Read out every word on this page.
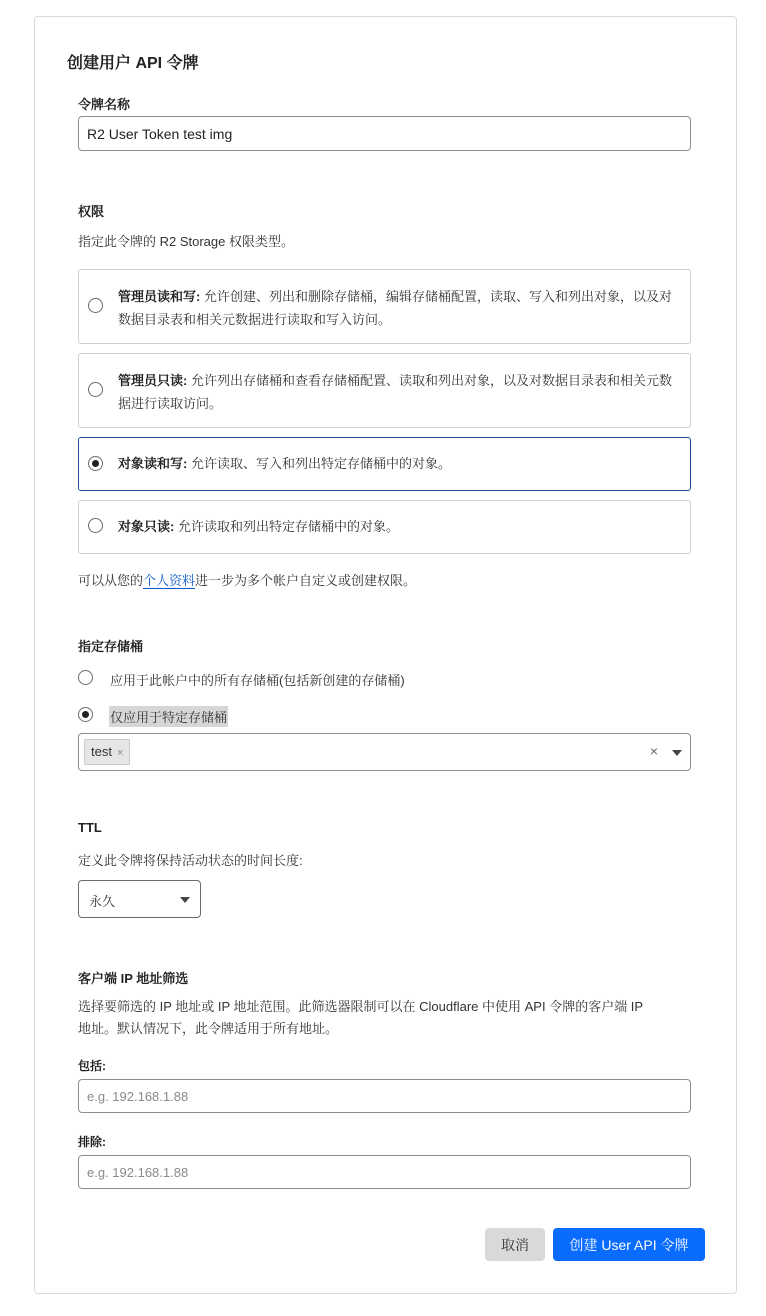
创建用户 API 令牌
令牌名称
R2 User Token test img
权限
指定此令牌的 R2 Storage 权限类型。
管理员读和写: 允许创建、列出和删除存储桶，编辑存储桶配置，读取、写入和列出对象，以及对数据目录表和相关元数据进行读取和写入访问。
管理员只读: 允许列出存储桶和查看存储桶配置、读取和列出对象，以及对数据目录表和相关元数据进行读取访问。
对象读和写: 允许读取、写入和列出特定存储桶中的对象。
对象只读: 允许读取和列出特定存储桶中的对象。
可以从您的个人资料进一步为多个帐户自定义或创建权限。
指定存储桶
应用于此帐户中的所有存储桶(包括新创建的存储桶)
仅应用于特定存储桶
test ×	×
TTL
定义此令牌将保持活动状态的时间长度:
永久
客户端 IP 地址筛选
选择要筛选的 IP 地址或 IP 地址范围。此筛选器限制可以在 Cloudflare 中使用 API 令牌的客户端 IP
地址。默认情况下，此令牌适用于所有地址。
包括:
e.g. 192.168.1.88
排除:
e.g. 192.168.1.88
取消	创建 User API 令牌
